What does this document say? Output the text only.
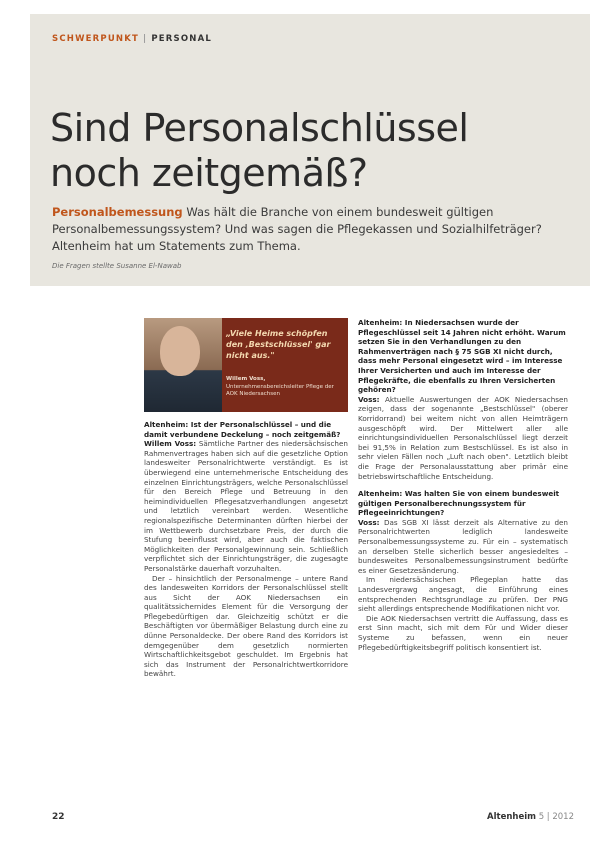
SCHWERPUNKT | PERSONAL
Sind Personalschlüssel noch zeitgemäß?
Personalbemessung Was hält die Branche von einem bundesweit gültigen Personalbemessungssystem? Und was sagen die Pflegekassen und Sozialhilfeträger? Altenheim hat um Statements zum Thema.
Die Fragen stellte Susanne El-Nawab
„Viele Heime schöpfen den ‚Bestschlüssel' gar nicht aus."
Willem Voss, Unternehmensbereichsleiter Pflege der AOK Niedersachsen

Altenheim: Ist der Personalschlüssel – und die damit verbundene Deckelung – noch zeitgemäß?

Willem Voss: Sämtliche Partner des niedersächsischen Rahmenvertrages haben sich auf die gesetzliche Option landesweiter Personalrichtwerte verständigt. Es ist überwiegend eine unternehmerische Entscheidung des einzelnen Einrichtungsträgers, welche Personalschlüssel für den Bereich Pflege und Betreuung in den heimindividuellen Pflegesatzverhandlungen angesetzt und letztlich vereinbart werden. Wesentliche regionalspezifische Determinanten dürften hierbei der im Wettbewerb durchsetzbare Preis, der durch die Stufung beeinflusst wird, aber auch die faktischen Möglichkeiten der Personalgewinnung sein. Schließlich verpflichtet sich der Einrichtungsträger, die zugesagte Personalstärke dauerhaft vorzuhalten.

Der – hinsichtlich der Personalmenge – untere Rand des landesweiten Korridors der Personalschlüssel stellt aus Sicht der AOK Niedersachsen ein qualitätssichernides Element für die Versorgung der Pflegebedürftigen dar. Gleichzeitig schützt er die Beschäftigten vor übermäßiger Belastung durch eine zu dünne Personaldecke. Der obere Rand des Korridors ist demgegenüber dem gesetzlich normierten Wirtschaftlichkeitsgebot geschuldet. Im Ergebnis hat sich das Instrument der Personalrichtwertkorridore bewährt.

Altenheim: In Niedersachsen wurde der Pflegeschlüssel seit 14 Jahren nicht erhöht. Warum setzen Sie in den Verhandlungen zu den Rahmenverträgen nach § 75 SGB XI nicht durch, dass mehr Personal eingesetzt wird – im Interesse Ihrer Versicherten und auch im Interesse der Pflegekräfte, die ebenfalls zu Ihren Versicherten gehören?

Voss: Aktuelle Auswertungen der AOK Niedersachsen zeigen, dass der sogenannte „Bestschlüssel" (oberer Korridorrand) bei weitem nicht von allen Heimträgern ausgeschöpft wird. Der Mittelwert aller alle einrichtungsindividuellen Personalschlüssel liegt derzeit bei 91,5% in Relation zum Bestschlüssel. Es ist also in sehr vielen Fällen noch „Luft nach oben". Letztlich bleibt die Frage der Personalausstattung aber primär eine betriebswirtschaftliche Entscheidung.

Altenheim: Was halten Sie von einem bundesweit gültigen Personalberechnungssystem für Pflegeeinrichtungen?

Voss: Das SGB XI lässt derzeit als Alternative zu den Personalrichtwerten lediglich landesweite Personalbemessungssysteme zu. Für ein – systematisch an derselben Stelle sicherlich besser angesiedeltes – bundesweites Personalbemessungsinstrument bedürfte es einer Gesetzesänderung.

Im niedersächsischen Pflegeplan hatte das Landesvergrawg angesagt, die Einführung eines entsprechenden Rechtsgrundlage zu prüfen. Der PNG sieht allerdings entsprechende Modifikationen nicht vor.

Die AOK Niedersachsen vertritt die Auffassung, dass es erst Sinn macht, sich mit dem Für und Wider dieser Systeme zu befassen, wenn ein neuer Pflegebedürftigkeitsbegriff politisch konsentiert ist.

22	Altenheim 5 | 2012
